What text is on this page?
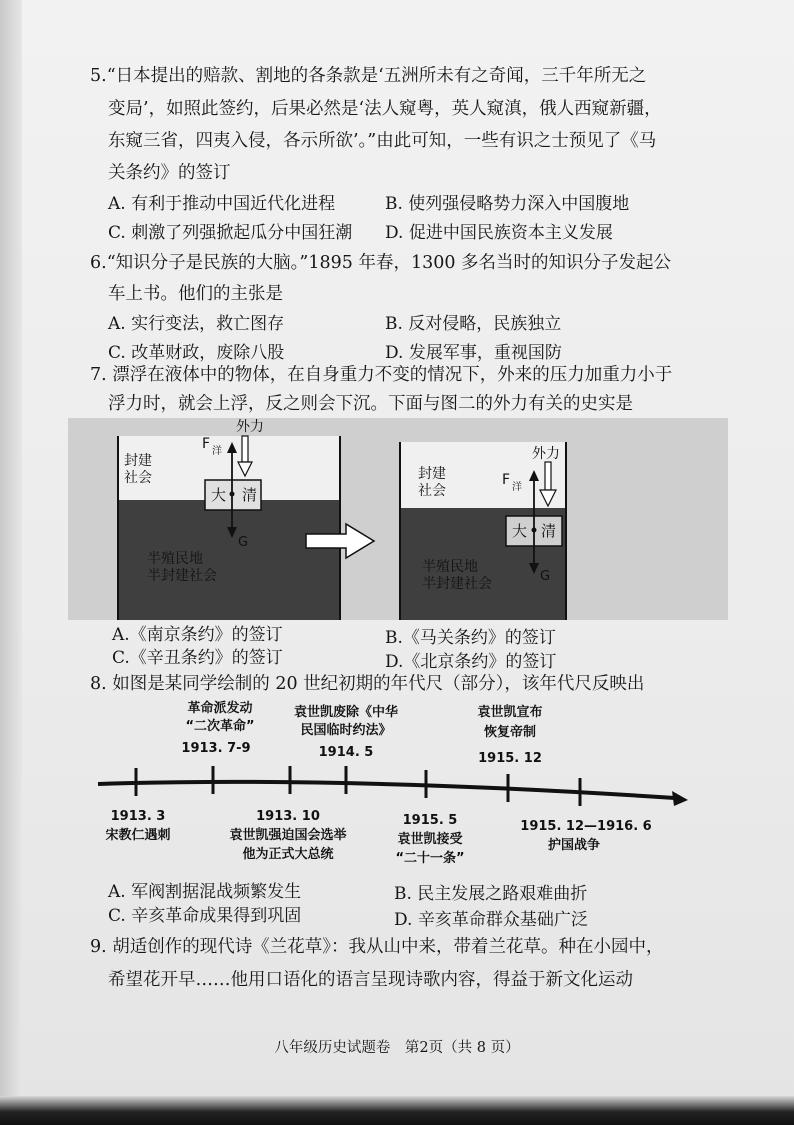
5.“日本提出的赔款、割地的各条款是‘五洲所未有之奇闻，三千年所无之
变局’，如照此签约，后果必然是‘法人窥粤，英人窥滇，俄人西窥新疆，
东窥三省，四夷入侵，各示所欲’。”由此可知，一些有识之士预见了《马
关条约》的签订
A. 有利于推动中国近代化进程	B. 使列强侵略势力深入中国腹地
C. 刺激了列强掀起瓜分中国狂潮 D. 促进中国民族资本主义发展
6.“知识分子是民族的大脑。”1895 年春，1300 多名当时的知识分子发起公
车上书。他们的主张是
A. 实行变法，救亡图存	B. 反对侵略，民族独立
C. 改革财政，废除八股	D. 发展军事，重视国防
7. 漂浮在液体中的物体，在自身重力不变的情况下，外来的压力加重力小于
浮力时，就会上浮，反之则会下沉。下面与图二的外力有关的史实是
封建
社会
半殖民地
半封建社会
大 清
F 洋
G
外力
封建
社会
半殖民地
半封建社会
大 清
F 洋
G
外力
A.《南京条约》的签订	B.《马关条约》的签订
C.《辛丑条约》的签订	D.《北京条约》的签订
8. 如图是某同学绘制的 20 世纪初期的年代尺（部分），该年代尺反映出
革命派发动
“二次革命”
1913. 7-9
袁世凯废除《中华
民国临时约法》
1914. 5
袁世凯宣布
恢复帝制
1915. 12
1913. 3
宋教仁遇刺
1913. 10
袁世凯强迫国会选举
他为正式大总统
1915. 5
袁世凯接受
“二十一条”
1915. 12—1916. 6
护国战争
A. 军阀割据混战频繁发生	B. 民主发展之路艰难曲折
C. 辛亥革命成果得到巩固	D. 辛亥革命群众基础广泛
9. 胡适创作的现代诗《兰花草》：我从山中来，带着兰花草。种在小园中，
希望花开早……他用口语化的语言呈现诗歌内容，得益于新文化运动
八年级历史试题卷　第2页（共 8 页）
